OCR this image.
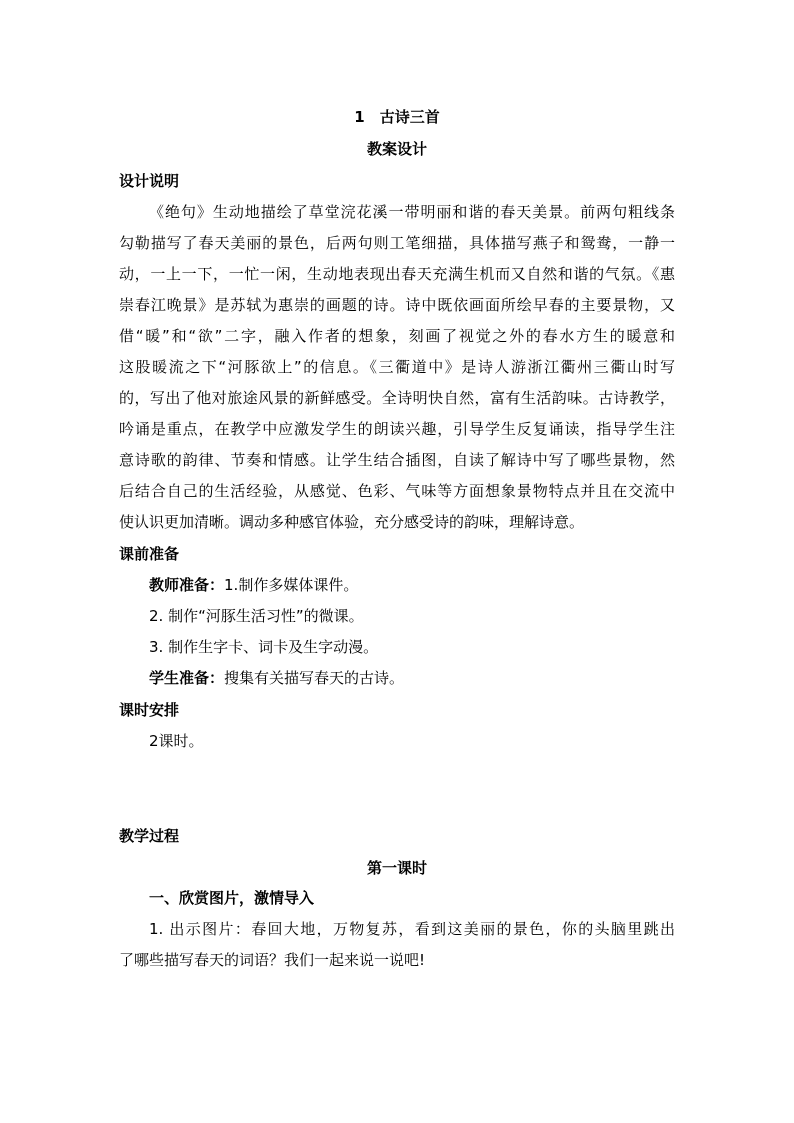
1　古诗三首
教案设计
设计说明
《绝句》生动地描绘了草堂浣花溪一带明丽和谐的春天美景。前两句粗线条
勾勒描写了春天美丽的景色，后两句则工笔细描，具体描写燕子和鸳鸯，一静一
动，一上一下，一忙一闲，生动地表现出春天充满生机而又自然和谐的气氛。《惠
崇春江晚景》是苏轼为惠崇的画题的诗。诗中既依画面所绘早春的主要景物，又
借“暖”和“欲”二字，融入作者的想象，刻画了视觉之外的春水方生的暖意和
这股暖流之下“河豚欲上”的信息。《三衢道中》是诗人游浙江衢州三衢山时写
的，写出了他对旅途风景的新鲜感受。全诗明快自然，富有生活韵味。古诗教学，
吟诵是重点，在教学中应激发学生的朗读兴趣，引导学生反复诵读，指导学生注
意诗歌的韵律、节奏和情感。让学生结合插图，自读了解诗中写了哪些景物，然
后结合自己的生活经验，从感觉、色彩、气味等方面想象景物特点并且在交流中
使认识更加清晰。调动多种感官体验，充分感受诗的韵味，理解诗意。
课前准备
教师准备：1.制作多媒体课件。
2. 制作“河豚生活习性”的微课。
3. 制作生字卡、词卡及生字动漫。
学生准备：搜集有关描写春天的古诗。
课时安排
2课时。
教学过程
第一课时
一、欣赏图片，激情导入
1. 出示图片：春回大地，万物复苏，看到这美丽的景色，你的头脑里跳出
了哪些描写春天的词语？我们一起来说一说吧!
